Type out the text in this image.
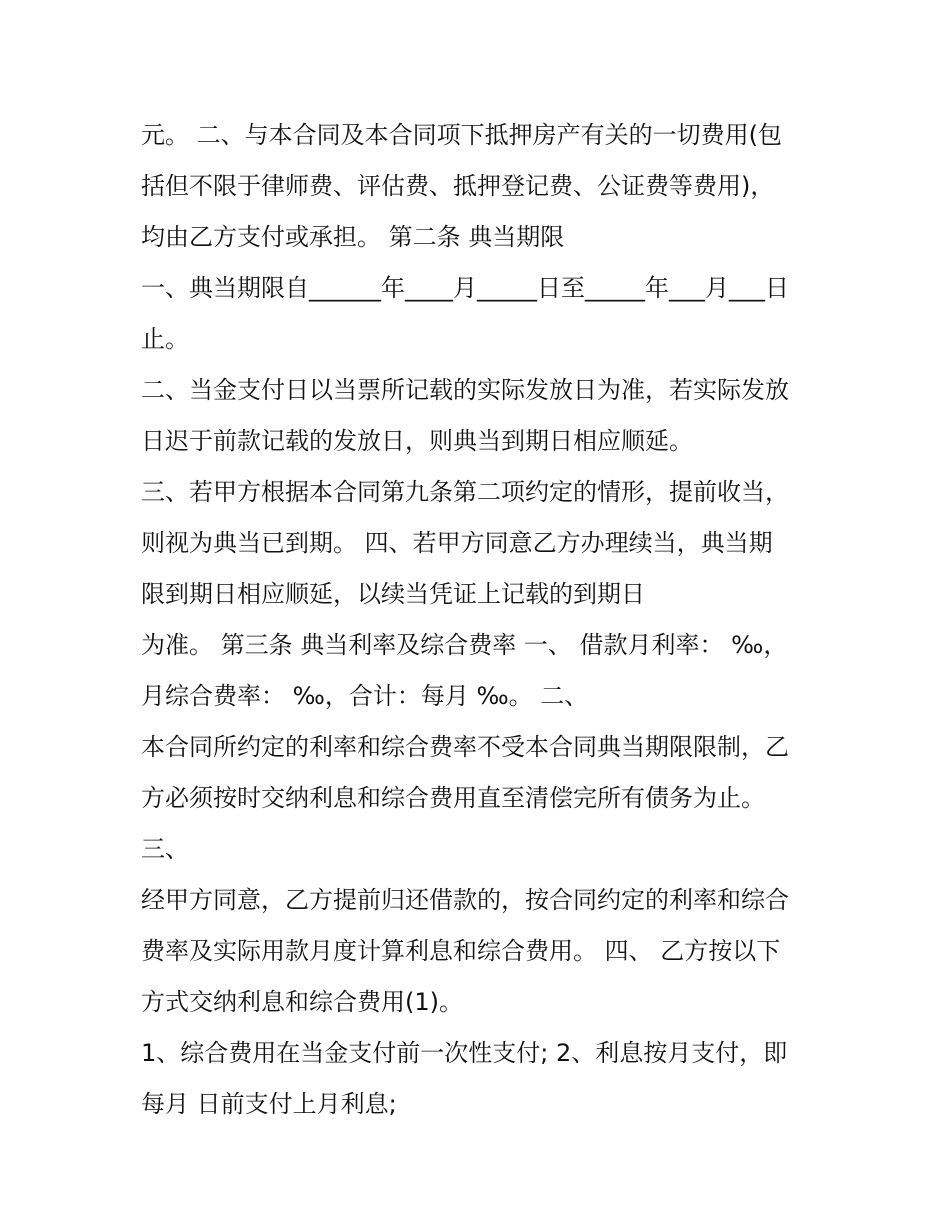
元。 二、与本合同及本合同项下抵押房产有关的一切费用(包
括但不限于律师费、评估费、抵押登记费、公证费等费用)，
均由乙方支付或承担。 第二条 典当期限
一、典当期限自______年____月_____日至_____年___月___日
止。
二、当金支付日以当票所记载的实际发放日为准，若实际发放
日迟于前款记载的发放日，则典当到期日相应顺延。
三、若甲方根据本合同第九条第二项约定的情形，提前收当，
则视为典当已到期。 四、若甲方同意乙方办理续当，典当期
限到期日相应顺延，以续当凭证上记载的到期日
为准。 第三条 典当利率及综合费率 一、 借款月利率： ‰，
月综合费率： ‰，合计：每月 ‰。 二、
本合同所约定的利率和综合费率不受本合同典当期限限制，乙
方必须按时交纳利息和综合费用直至清偿完所有债务为止。
三、
经甲方同意，乙方提前归还借款的，按合同约定的利率和综合
费率及实际用款月度计算利息和综合费用。 四、 乙方按以下
方式交纳利息和综合费用(1)。
1、综合费用在当金支付前一次性支付; 2、利息按月支付，即
每月 日前支付上月利息;
